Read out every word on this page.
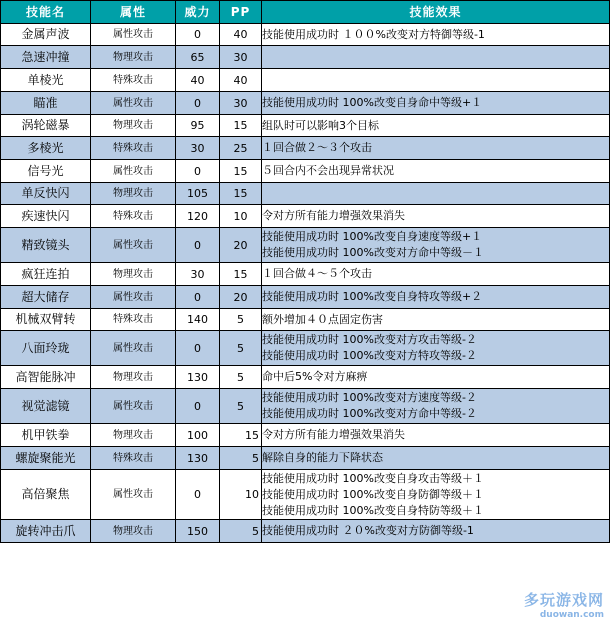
技能名	属性	威力	PP	技能效果
金属声波	属性攻击	0	40	技能使用成功时 １００%改变对方特御等级-1

急速冲撞	物理攻击	65	30	

单棱光	特殊攻击	40	40	

瞄准	属性攻击	0	30	技能使用成功时 100%改变自身命中等级+１

涡轮磁暴	物理攻击	95	15	组队时可以影响3个目标

多棱光	特殊攻击	30	25	１回合做２～３个攻击

信号光	属性攻击	0	15	５回合内不会出现异常状况

单反快闪	物理攻击	105	15	

疾速快闪	特殊攻击	120	10	令对方所有能力增强效果消失

精致镜头	属性攻击	0	20	技能使用成功时 100%改变自身速度等级+１
技能使用成功时 100%改变对方命中等级－１

疯狂连拍	物理攻击	30	15	１回合做４～５个攻击

超大储存	属性攻击	0	20	技能使用成功时 100%改变自身特攻等级+２

机械双臂转	特殊攻击	140	5	额外增加４０点固定伤害

八面玲珑	属性攻击	0	5	技能使用成功时 100%改变对方攻击等级-２
技能使用成功时 100%改变对方特攻等级-２

高智能脉冲	物理攻击	130	5	命中后5%令对方麻痹

视觉滤镜	属性攻击	0	5	技能使用成功时 100%改变对方速度等级-２
技能使用成功时 100%改变对方命中等级-２

机甲铁拳	物理攻击	100	15	令对方所有能力增强效果消失

螺旋聚能光	特殊攻击	130	5	解除自身的能力下降状态

高倍聚焦	属性攻击	0	10	技能使用成功时 100%改变自身攻击等级＋１
技能使用成功时 100%改变自身防御等级＋１
技能使用成功时 100%改变自身特防等级＋１

旋转冲击爪	物理攻击	150	5	技能使用成功时 ２０%改变对方防御等级-1
多玩游戏网
duowan.com
